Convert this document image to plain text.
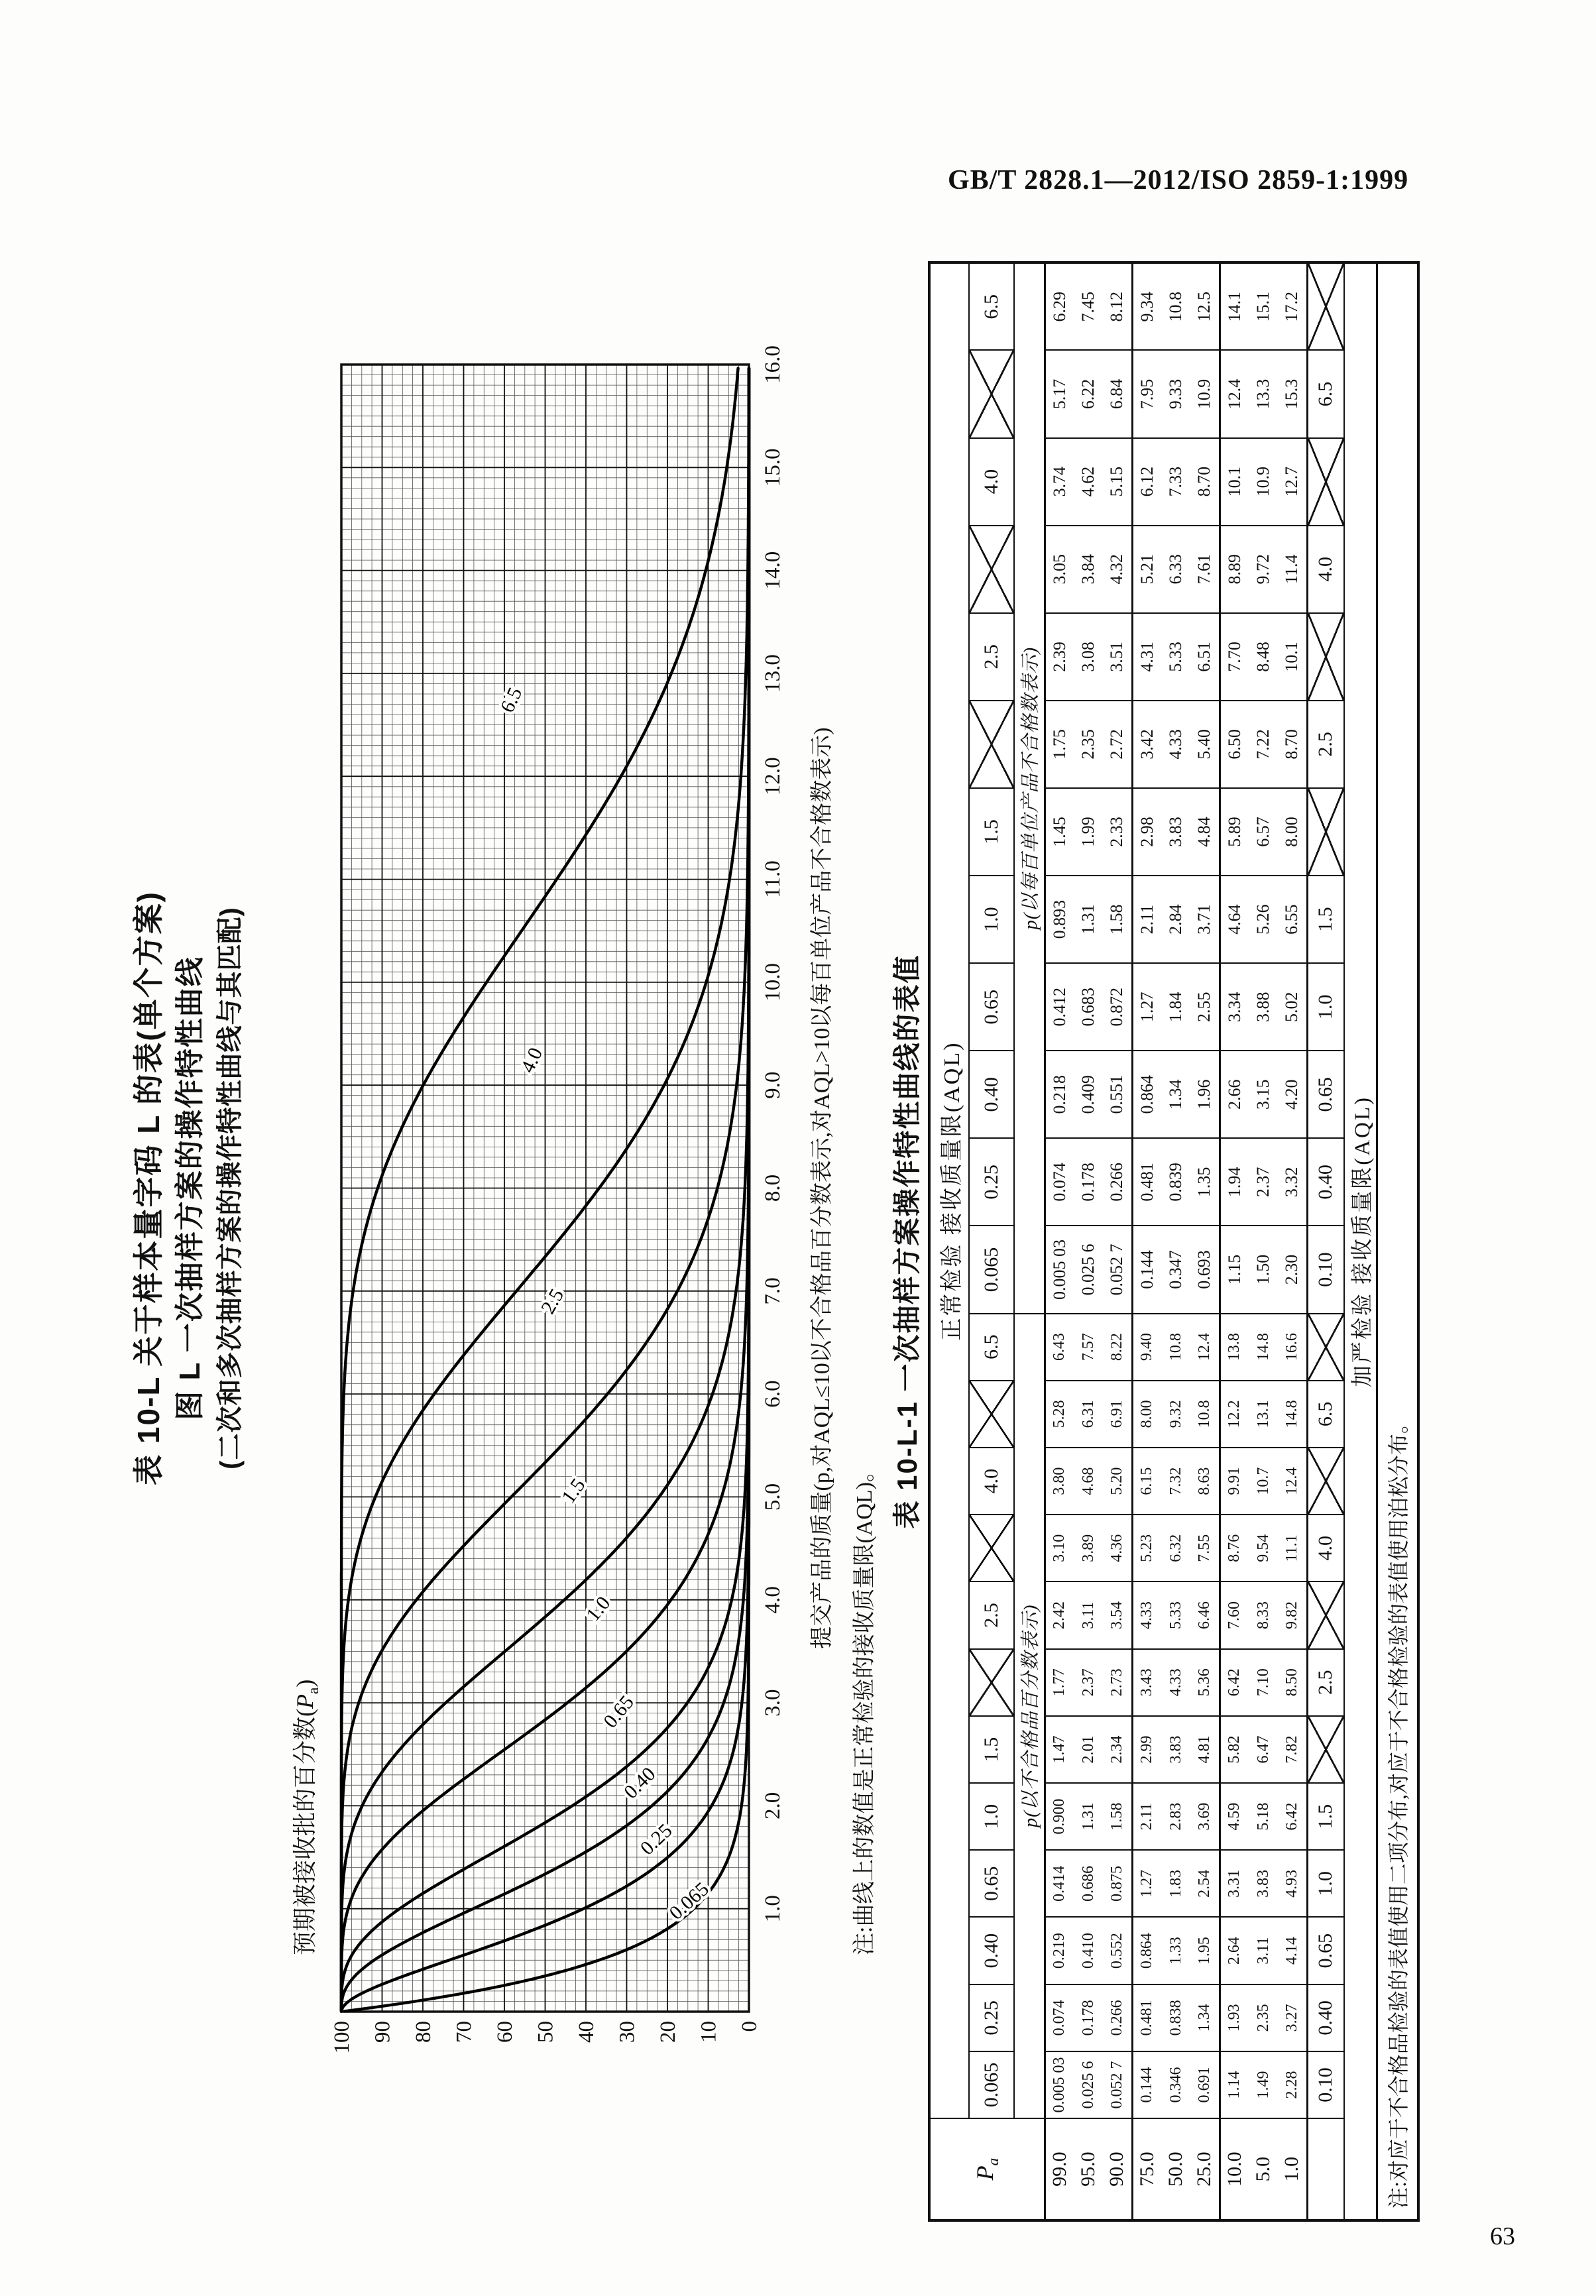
GB/T 2828.1—2012/ISO 2859-1:1999
表 10-L 关于样本量字码 L 的表(单个方案) 图 L 一次抽样方案的操作特性曲线 (二次和多次抽样方案的操作特性曲线与其匹配)
预期被接收批的百分数$(P_a)$
0.065
0.25
0.40
0.65
1.0
1.5
2.5
4.0
6.5
1.0
2.0
3.0
4.0
5.0
6.0
7.0
8.0
9.0
10.0
11.0
12.0
13.0
14.0
15.0
16.0
100 90 80 70 60 50 40 30 20 10 0
提交产品的质量(p,对AQL≤10以不合格品百分数表示,对AQL>10以每百单位产品不合格数表示)
注:曲线上的数值是正常检验的接收质量限(AQL)。
表 10-L-1 一次抽样方案操作特性曲线的表值
$P_a$	正常检验 接收质量限(AQL)																							
	0.065	0.25	0.40	0.65	1.0	1.5		2.5		4.0		6.5	0.065	0.25	0.40	0.65	1.0	1.5		2.5		4.0		6.5
	p(以不合格品百分数表示)												p(以每百单位产品不合格数表示)											
99.0	0.005 03	0.074	0.219	0.414	0.900	1.47	1.77	2.42	3.10	3.80	5.28	6.43	0.005 03	0.074	0.218	0.412	0.893	1.45	1.75	2.39	3.05	3.74	5.17	6.29
95.0	0.025 6	0.178	0.410	0.686	1.31	2.01	2.37	3.11	3.89	4.68	6.31	7.57	0.025 6	0.178	0.409	0.683	1.31	1.99	2.35	3.08	3.84	4.62	6.22	7.45
90.0	0.052 7	0.266	0.552	0.875	1.58	2.34	2.73	3.54	4.36	5.20	6.91	8.22	0.052 7	0.266	0.551	0.872	1.58	2.33	2.72	3.51	4.32	5.15	6.84	8.12
75.0	0.144	0.481	0.864	1.27	2.11	2.99	3.43	4.33	5.23	6.15	8.00	9.40	0.144	0.481	0.864	1.27	2.11	2.98	3.42	4.31	5.21	6.12	7.95	9.34
50.0	0.346	0.838	1.33	1.83	2.83	3.83	4.33	5.33	6.32	7.32	9.32	10.8	0.347	0.839	1.34	1.84	2.84	3.83	4.33	5.33	6.33	7.33	9.33	10.8
25.0	0.691	1.34	1.95	2.54	3.69	4.81	5.36	6.46	7.55	8.63	10.8	12.4	0.693	1.35	1.96	2.55	3.71	4.84	5.40	6.51	7.61	8.70	10.9	12.5
10.0	1.14	1.93	2.64	3.31	4.59	5.82	6.42	7.60	8.76	9.91	12.2	13.8	1.15	1.94	2.66	3.34	4.64	5.89	6.50	7.70	8.89	10.1	12.4	14.1
5.0	1.49	2.35	3.11	3.83	5.18	6.47	7.10	8.33	9.54	10.7	13.1	14.8	1.50	2.37	3.15	3.88	5.26	6.57	7.22	8.48	9.72	10.9	13.3	15.1
1.0	2.28	3.27	4.14	4.93	6.42	7.82	8.50	9.82	11.1	12.4	14.8	16.6	2.30	3.32	4.20	5.02	6.55	8.00	8.70	10.1	11.4	12.7	15.3	17.2
	0.10	0.40	0.65	1.0	1.5		2.5		4.0		6.5		0.10	0.40	0.65	1.0	1.5		2.5		4.0		6.5	

加严检验 接收质量限(AQL)																								
注:对应于不合格品检验的表值使用二项分布,对应于不合格检验的表值使用泊松分布。																								
63
